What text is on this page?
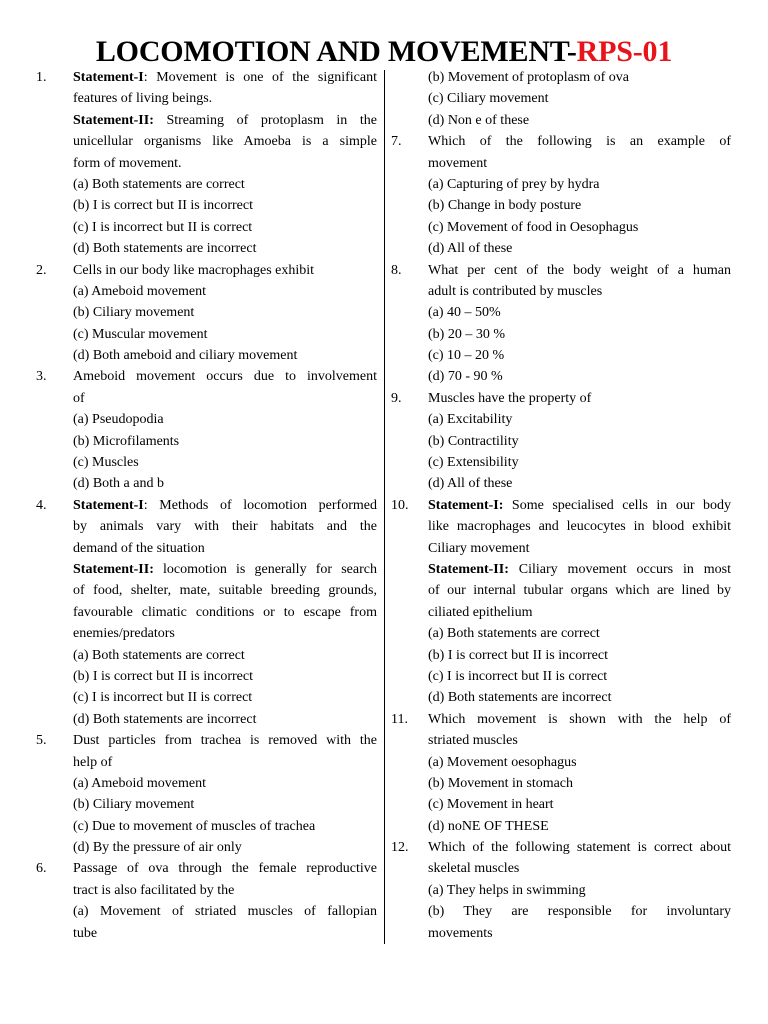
LOCOMOTION AND MOVEMENT-RPS-01
1. Statement-I: Movement is one of the significant
features of living beings.
Statement-II: Streaming of protoplasm in the
unicellular organisms like Amoeba is a simple
form of movement.
(a) Both statements are correct
(b) I is correct but II is incorrect
(c) I is incorrect but II is correct
(d) Both statements are incorrect
2. Cells in our body like macrophages exhibit
(a) Ameboid movement
(b) Ciliary movement
(c) Muscular movement
(d) Both ameboid and ciliary movement
3. Ameboid movement occurs due to involvement
of
(a) Pseudopodia
(b) Microfilaments
(c) Muscles
(d) Both a and b
4. Statement-I: Methods of locomotion performed
by animals vary with their habitats and the
demand of the situation
Statement-II: locomotion is generally for search
of food, shelter, mate, suitable breeding grounds,
favourable climatic conditions or to escape from
enemies/predators
(a) Both statements are correct
(b) I is correct but II is incorrect
(c) I is incorrect but II is correct
(d) Both statements are incorrect
5. Dust particles from trachea is removed with the
help of
(a) Ameboid movement
(b) Ciliary movement
(c) Due to movement of muscles of trachea
(d) By the pressure of air only
6. Passage of ova through the female reproductive
tract is also facilitated by the
(a) Movement of striated muscles of fallopian
tube
(b) Movement of protoplasm of ova
(c) Ciliary movement
(d) Non e of these
7. Which of the following is an example of
movement
(a) Capturing of prey by hydra
(b) Change in body posture
(c) Movement of food in Oesophagus
(d) All of these
8. What per cent of the body weight of a human
adult is contributed by muscles
(a) 40 – 50%
(b) 20 – 30 %
(c) 10 – 20 %
(d) 70 - 90 %
9. Muscles have the property of
(a) Excitability
(b) Contractility
(c) Extensibility
(d) All of these
10. Statement-I: Some specialised cells in our body
like macrophages and leucocytes in blood exhibit
Ciliary movement
Statement-II: Ciliary movement occurs in most
of our internal tubular organs which are lined by
ciliated epithelium
(a) Both statements are correct
(b) I is correct but II is incorrect
(c) I is incorrect but II is correct
(d) Both statements are incorrect
11. Which movement is shown with the help of
striated muscles
(a) Movement oesophagus
(b) Movement in stomach
(c) Movement in heart
(d) noNE OF THESE
12. Which of the following statement is correct about
skeletal muscles
(a) They helps in swimming
(b) They are responsible for involuntary
movements
